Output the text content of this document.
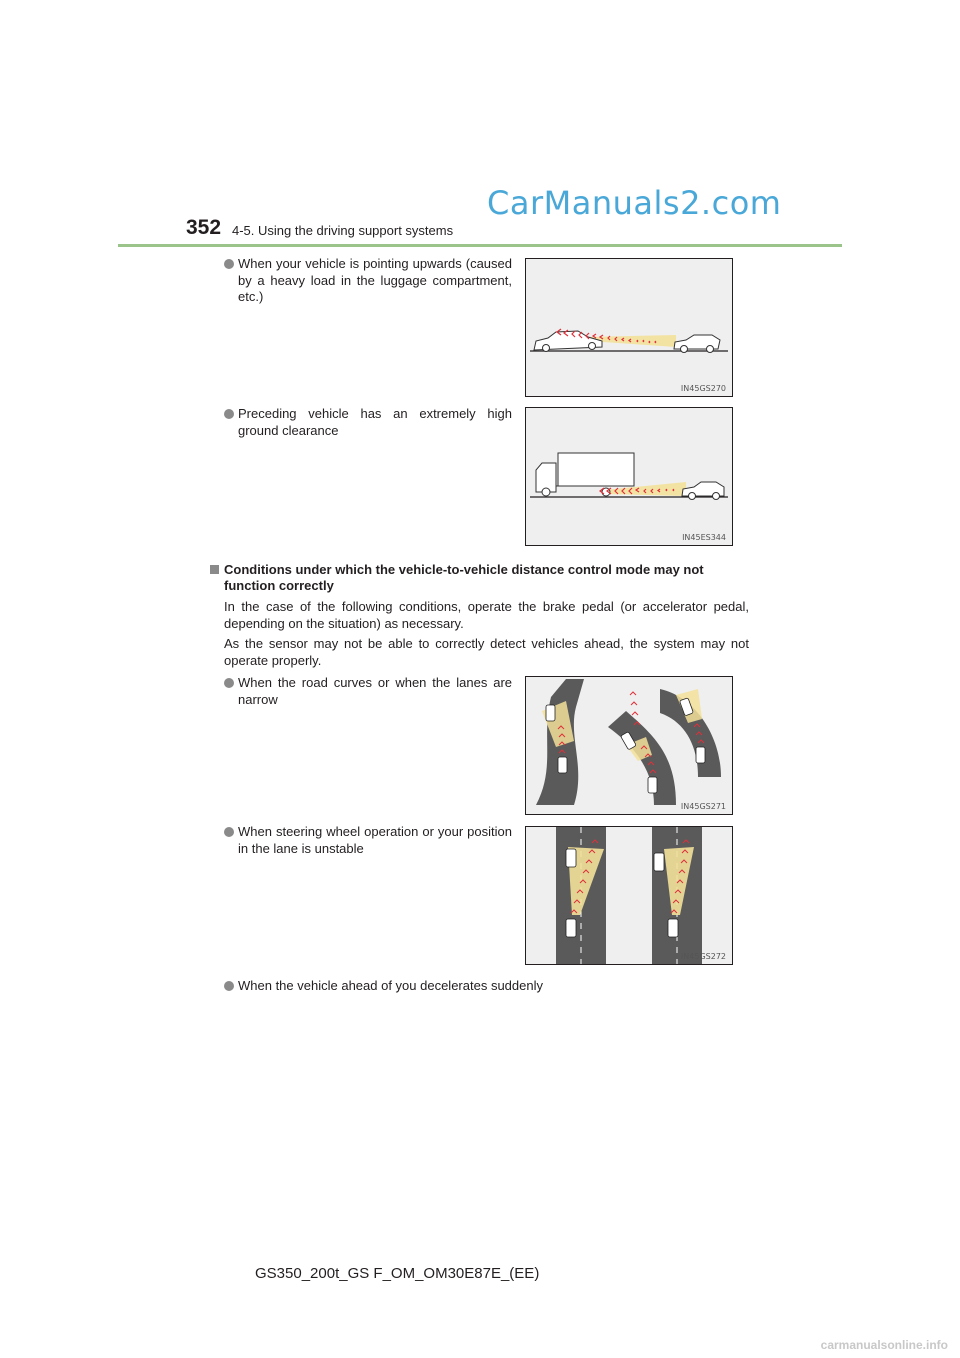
CarManuals2.com
352 4-5. Using the driving support systems
When your vehicle is pointing upwards (caused by a heavy load in the luggage compartment, etc.)
IN45GS270
Preceding vehicle has an extremely high ground clearance
IN45ES344
Conditions under which the vehicle-to-vehicle distance control mode may not function correctly
In the case of the following conditions, operate the brake pedal (or accelerator pedal, depending on the situation) as necessary.
As the sensor may not be able to correctly detect vehicles ahead, the system may not operate properly.
When the road curves or when the lanes are narrow
IN45GS271
When steering wheel operation or your position in the lane is unstable
IN45GS272
When the vehicle ahead of you decelerates suddenly
GS350_200t_GS F_OM_OM30E87E_(EE)
carmanualsonline.info
